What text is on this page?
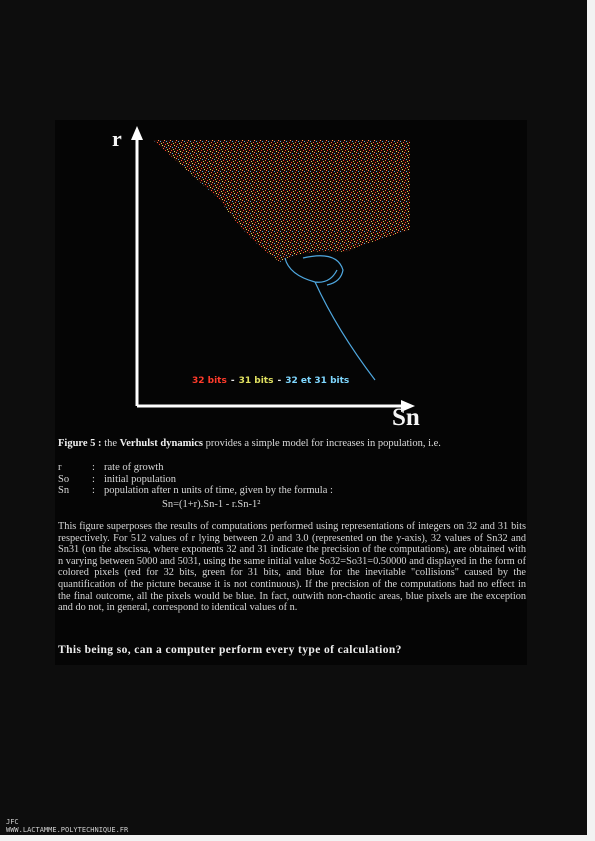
r
Sn
32 bits - 31 bits - 32 et 31 bits
Figure 5 : the Verhulst dynamics provides a simple model for increases in population, i.e.
r	: rate of growth
So : initial population
Sn : population after n units of time, given by the formula :
Sn=(1+r).Sn-1 - r.Sn-1²
This figure superposes the results of computations performed using representations of integers on 32 and 31 bits respectively. For 512 values of r lying between 2.0 and 3.0 (represented on the y-axis), 32 values of Sn32 and Sn31 (on the abscissa, where exponents 32 and 31 indicate the precision of the computations), are obtained with n varying between 5000 and 5031, using the same initial value So32=So31=0.50000 and displayed in the form of colored pixels (red for 32 bits, green for 31 bits, and blue for the inevitable "collisions" caused by the quantification of the picture because it is not continuous). If the precision of the computations had no effect in the final outcome, all the pixels would be blue. In fact, outwith non-chaotic areas, blue pixels are the exception and do not, in general, correspond to identical values of n.
This being so, can a computer perform every type of calculation?
JFC
WWW.LACTAMME.POLYTECHNIQUE.FR
